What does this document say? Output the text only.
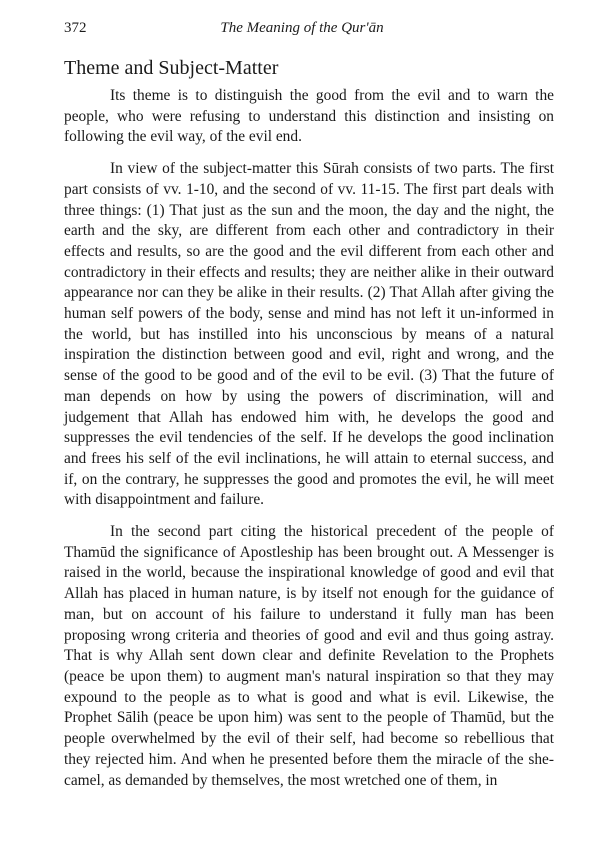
372	The Meaning of the Qur'ān
Theme and Subject-Matter

Its theme is to distinguish the good from the evil and to warn the people, who were refusing to understand this distinction and insisting on following the evil way, of the evil end.

In view of the subject-matter this Sūrah consists of two parts. The first part consists of vv. 1-10, and the second of vv. 11-15. The first part deals with three things: (1) That just as the sun and the moon, the day and the night, the earth and the sky, are different from each other and contradictory in their effects and results, so are the good and the evil different from each other and contradictory in their effects and results; they are neither alike in their outward appearance nor can they be alike in their results. (2) That Allah after giving the human self powers of the body, sense and mind has not left it un-informed in the world, but has instilled into his unconscious by means of a natural inspiration the distinction between good and evil, right and wrong, and the sense of the good to be good and of the evil to be evil. (3) That the future of man depends on how by using the powers of discrimination, will and judgement that Allah has endowed him with, he develops the good and suppresses the evil tendencies of the self. If he develops the good inclination and frees his self of the evil inclinations, he will attain to eternal success, and if, on the contrary, he suppresses the good and promotes the evil, he will meet with disappointment and failure.

In the second part citing the historical precedent of the people of Thamūd the significance of Apostleship has been brought out. A Messenger is raised in the world, because the inspirational knowledge of good and evil that Allah has placed in human nature, is by itself not enough for the guidance of man, but on account of his failure to understand it fully man has been proposing wrong criteria and theories of good and evil and thus going astray. That is why Allah sent down clear and definite Revelation to the Prophets (peace be upon them) to augment man's natural inspiration so that they may expound to the people as to what is good and what is evil. Likewise, the Prophet Sālih (peace be upon him) was sent to the people of Thamūd, but the people overwhelmed by the evil of their self, had become so rebellious that they rejected him. And when he presented before them the miracle of the she-camel, as demanded by themselves, the most wretched one of them, in
